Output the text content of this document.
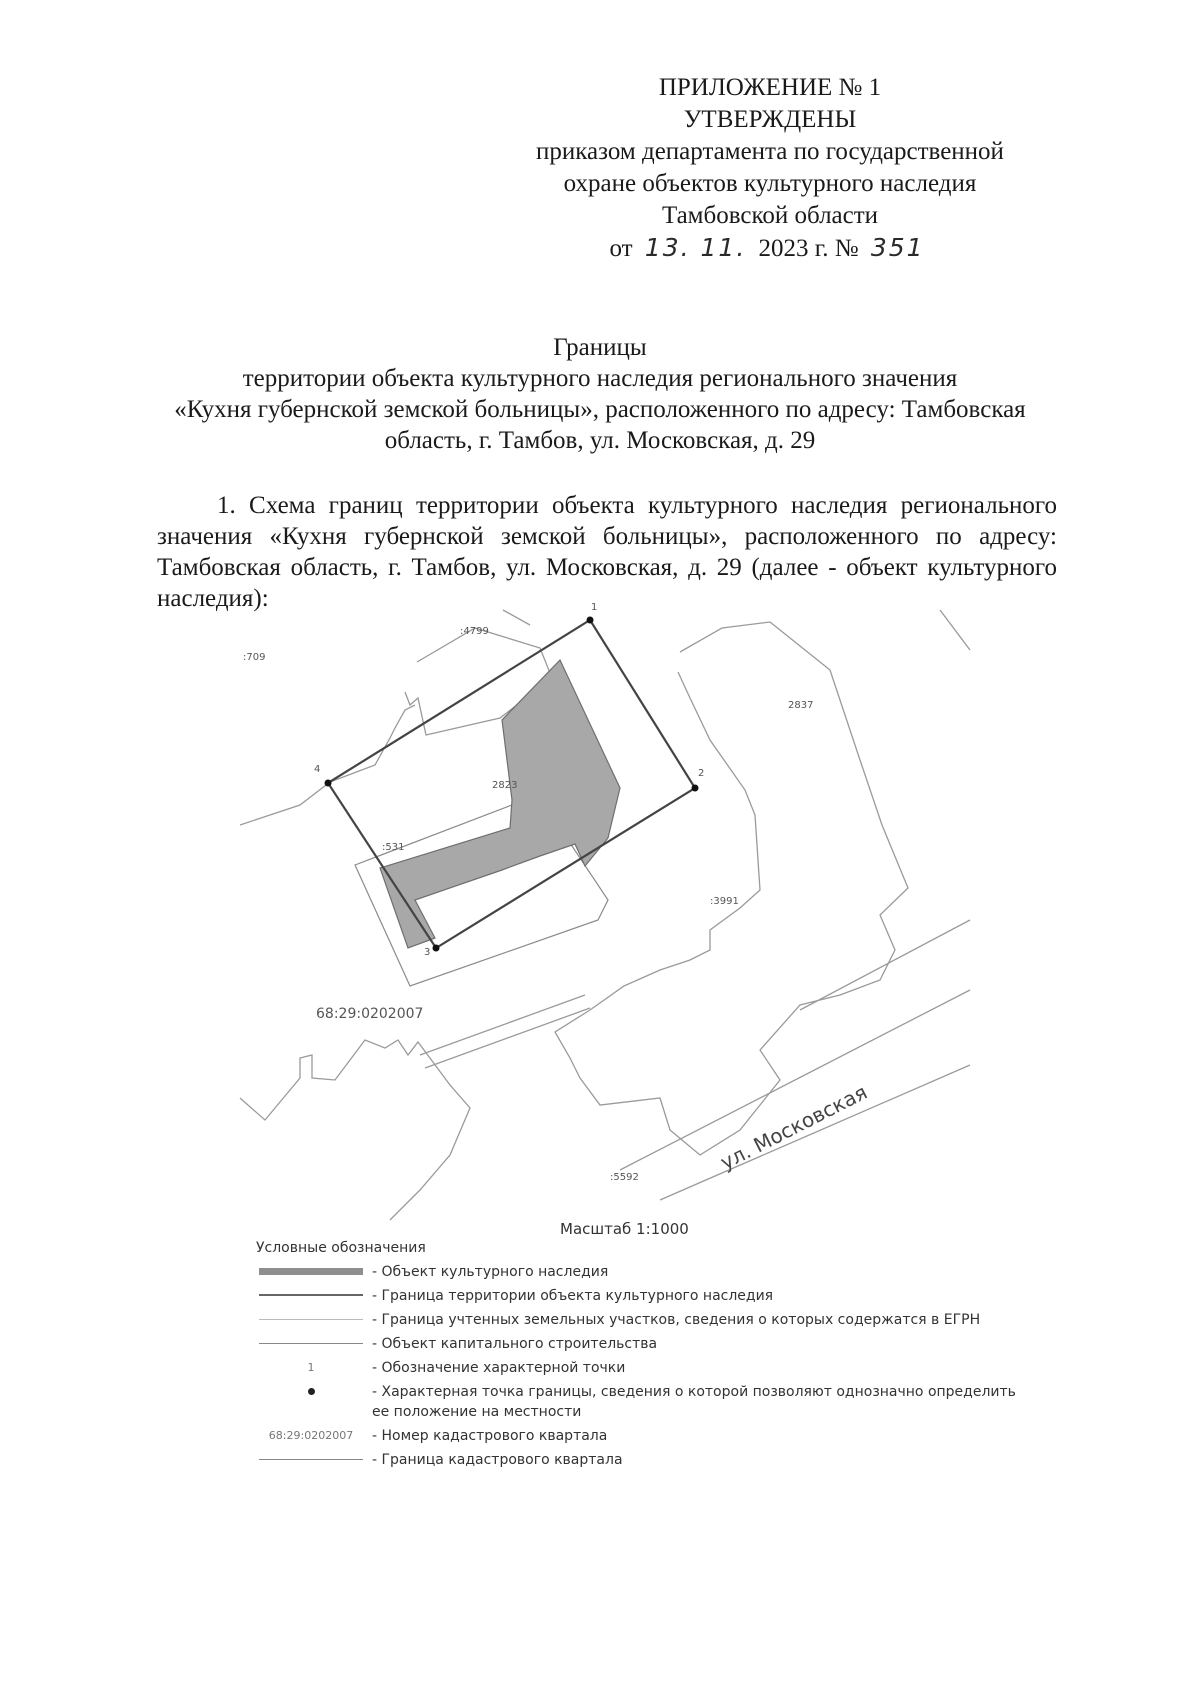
ПРИЛОЖЕНИЕ № 1
УТВЕРЖДЕНЫ
приказом департамента по государственной
охране объектов культурного наследия
Тамбовской области
от 13. 11. 2023 г. № 351
Границы
территории объекта культурного наследия регионального значения
«Кухня губернской земской больницы», расположенного по адресу: Тамбовская
область, г. Тамбов, ул. Московская, д. 29

1. Схема границ территории объекта культурного наследия регионального значения «Кухня губернской земской больницы», расположенного по адресу: Тамбовская область, г. Тамбов, ул. Московская, д. 29 (далее - объект культурного наследия):	1
2
3
4
:709
:4799
2837
2823
:531
:3991
:5592
68:29:0202007
ул. Московская
Масштаб 1:1000
Условные обозначения
- Объект культурного наследия
- Граница территории объекта культурного наследия
- Граница учтенных земельных участков, сведения о которых содержатся в ЕГРН
- Объект капитального строительства
1	- Обозначение характерной точки
- Характерная точка границы, сведения о которой позволяют однозначно определить ее положение на местности
68:29:0202007	- Номер кадастрового квартала
- Граница кадастрового квартала
